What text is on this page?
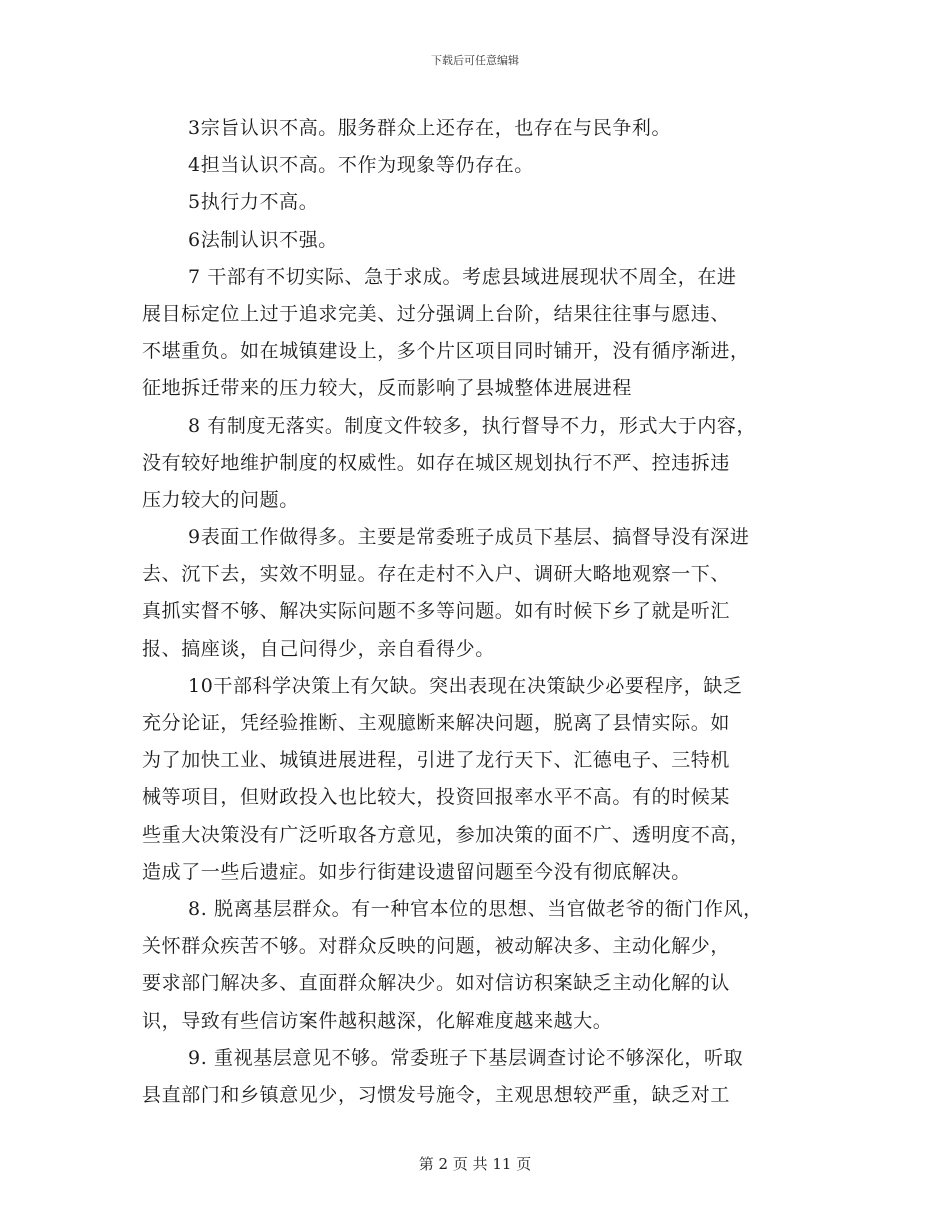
下载后可任意编辑
3宗旨认识不高。服务群众上还存在，也存在与民争利。
4担当认识不高。不作为现象等仍存在。
5执行力不高。
6法制认识不强。
7 干部有不切实际、急于求成。考虑县域进展现状不周全，在进
展目标定位上过于追求完美、过分强调上台阶，结果往往事与愿违、
不堪重负。如在城镇建设上，多个片区项目同时铺开，没有循序渐进，
征地拆迁带来的压力较大，反而影响了县城整体进展进程
8 有制度无落实。制度文件较多，执行督导不力，形式大于内容，
没有较好地维护制度的权威性。如存在城区规划执行不严、控违拆违
压力较大的问题。
9表面工作做得多。主要是常委班子成员下基层、搞督导没有深进
去、沉下去，实效不明显。存在走村不入户、调研大略地观察一下、
真抓实督不够、解决实际问题不多等问题。如有时候下乡了就是听汇
报、搞座谈，自己问得少，亲自看得少。
10干部科学决策上有欠缺。突出表现在决策缺少必要程序，缺乏
充分论证，凭经验推断、主观臆断来解决问题，脱离了县情实际。如
为了加快工业、城镇进展进程，引进了龙行天下、汇德电子、三特机
械等项目，但财政投入也比较大，投资回报率水平不高。有的时候某
些重大决策没有广泛听取各方意见，参加决策的面不广、透明度不高，
造成了一些后遗症。如步行街建设遗留问题至今没有彻底解决。
8. 脱离基层群众。有一种官本位的思想、当官做老爷的衙门作风，
关怀群众疾苦不够。对群众反映的问题，被动解决多、主动化解少，
要求部门解决多、直面群众解决少。如对信访积案缺乏主动化解的认
识，导致有些信访案件越积越深，化解难度越来越大。
9. 重视基层意见不够。常委班子下基层调查讨论不够深化，听取
县直部门和乡镇意见少，习惯发号施令，主观思想较严重，缺乏对工
第 2 页 共 11 页
